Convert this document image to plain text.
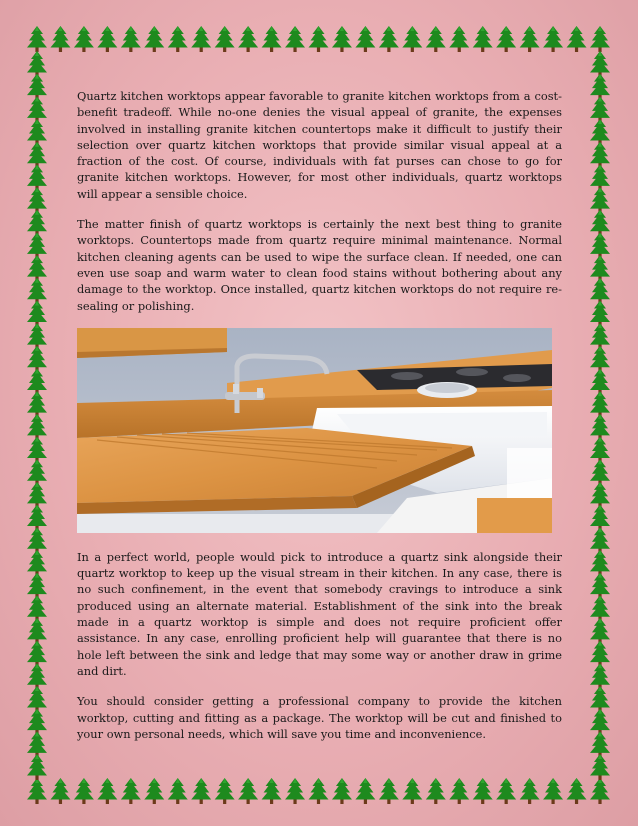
Quartz kitchen worktops appear favorable to granite kitchen worktops from a cost-benefit tradeoff. While no-one denies the visual appeal of granite, the expenses involved in installing granite kitchen countertops make it difficult to justify their selection over quartz kitchen worktops that provide similar visual appeal at a fraction of the cost. Of course, individuals with fat purses can chose to go for granite kitchen worktops. However, for most other individuals, quartz worktops will appear a sensible choice.

The matter finish of quartz worktops is certainly the next best thing to granite worktops. Countertops made from quartz require minimal maintenance. Normal kitchen cleaning agents can be used to wipe the surface clean. If needed, one can even use soap and warm water to clean food stains without bothering about any damage to the worktop. Once installed, quartz kitchen worktops do not require re-sealing or polishing.

In a perfect world, people would pick to introduce a quartz sink alongside their quartz worktop to keep up the visual stream in their kitchen. In any case, there is no such confinement, in the event that somebody cravings to introduce a sink produced using an alternate material. Establishment of the sink into the break made in a quartz worktop is simple and does not require proficient offer assistance. In any case, enrolling proficient help will guarantee that there is no hole left between the sink and ledge that may some way or another draw in grime and dirt.

You should consider getting a professional company to provide the kitchen worktop, cutting and fitting as a package. The worktop will be cut and finished to your own personal needs, which will save you time and inconvenience.
